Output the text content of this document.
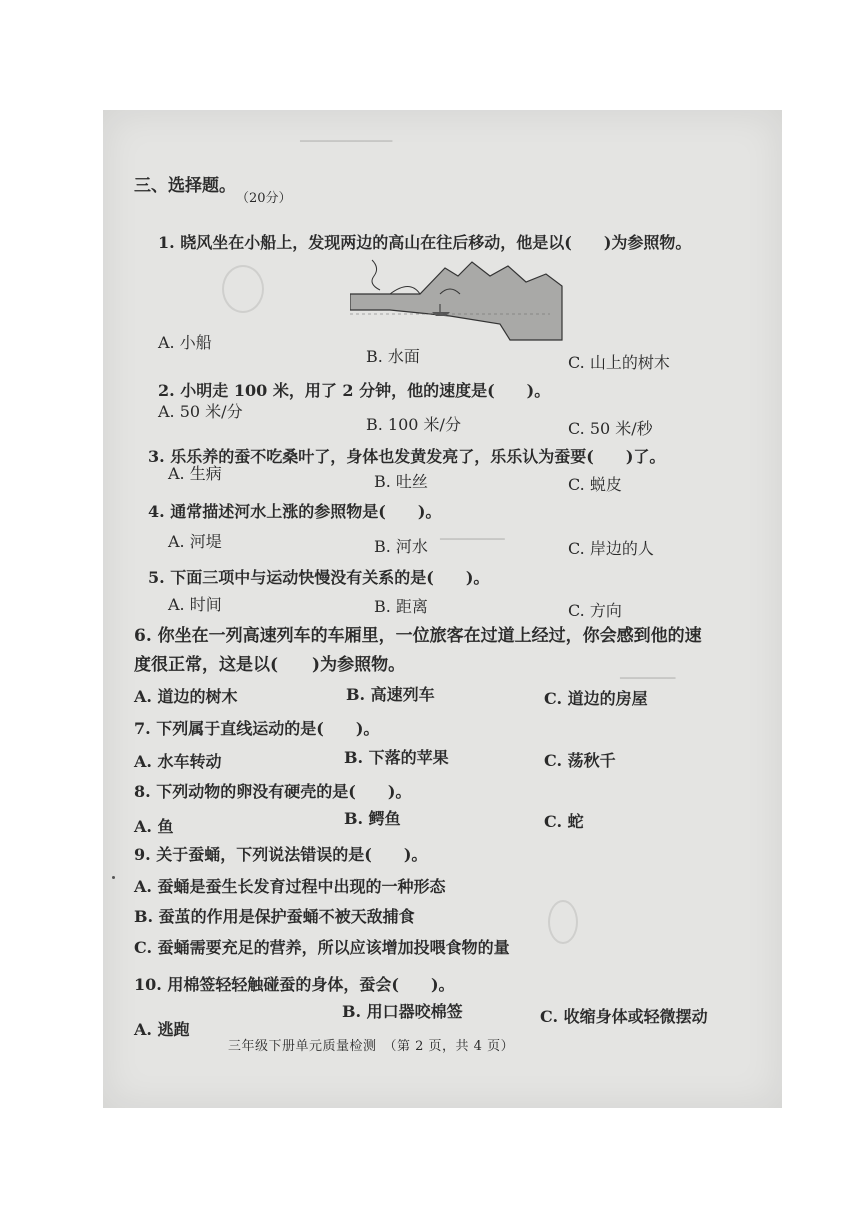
▁▁▁▁▁▁▁▁▁▁
▁▁▁▁▁▁▁
▁▁▁▁▁▁
三、选择题。
（20分）
1. 晓风坐在小船上，发现两边的高山在往后移动，他是以(　　)为参照物。
A. 小船
B. 水面	C. 山上的树木
2. 小明走 100 米，用了 2 分钟，他的速度是(　　)。
A. 50 米/分
B. 100 米/分	C. 50 米/秒
3. 乐乐养的蚕不吃桑叶了，身体也发黄发亮了，乐乐认为蚕要(　　)了。
A. 生病	B. 吐丝	C. 蜕皮
4. 通常描述河水上涨的参照物是(　　)。
A. 河堤	B. 河水	C. 岸边的人
5. 下面三项中与运动快慢没有关系的是(　　)。
A. 时间	B. 距离	C. 方向
6. 你坐在一列高速列车的车厢里，一位旅客在过道上经过，你会感到他的速
度很正常，这是以(　　)为参照物。
A. 道边的树木	B. 高速列车	C. 道边的房屋
7. 下列属于直线运动的是(　　)。
A. 水车转动	B. 下落的苹果	C. 荡秋千
8. 下列动物的卵没有硬壳的是(　　)。
A. 鱼	B. 鳄鱼	C. 蛇
9. 关于蚕蛹，下列说法错误的是(　　)。
A. 蚕蛹是蚕生长发育过程中出现的一种形态
B. 蚕茧的作用是保护蚕蛹不被天敌捕食
C. 蚕蛹需要充足的营养，所以应该增加投喂食物的量
10. 用棉签轻轻触碰蚕的身体，蚕会(　　)。
A. 逃跑
B. 用口器咬棉签	C. 收缩身体或轻微摆动
三年级下册单元质量检测　（第 2 页，共 4 页）
